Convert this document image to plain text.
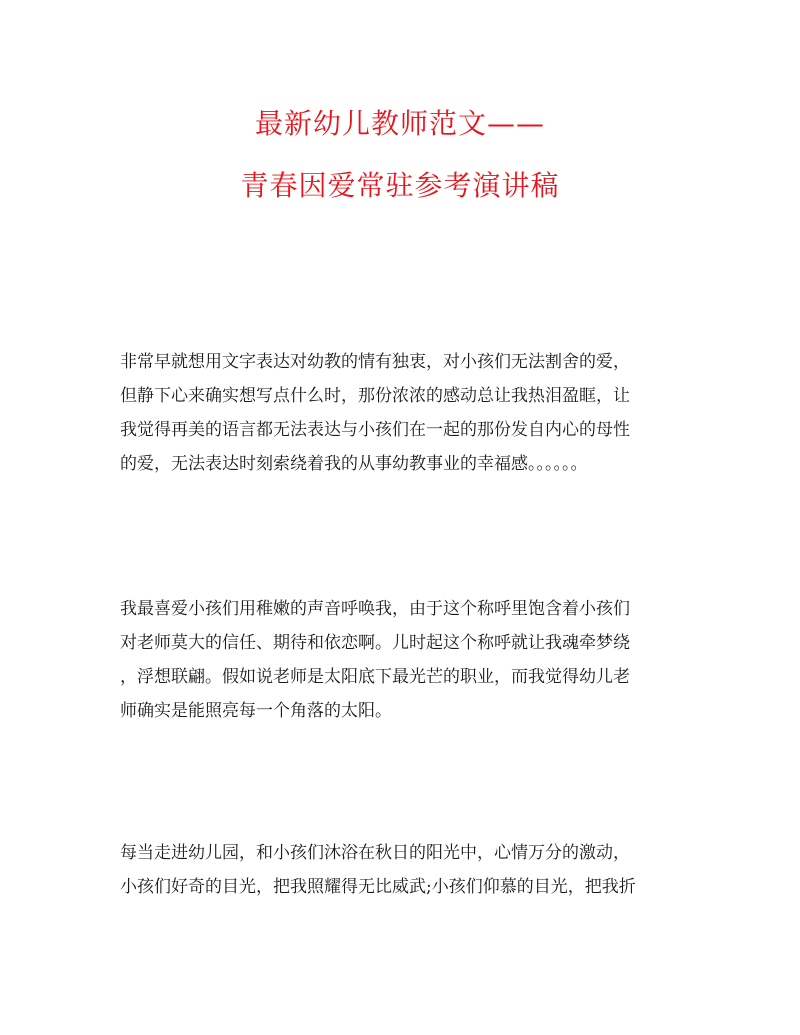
最新幼儿教师范文——
青春因爱常驻参考演讲稿
非常早就想用文字表达对幼教的情有独衷，对小孩们无法割舍的爱，
但静下心来确实想写点什么时，那份浓浓的感动总让我热泪盈眶，让
我觉得再美的语言都无法表达与小孩们在一起的那份发自内心的母性
的爱，无法表达时刻索绕着我的从事幼教事业的幸福感。。。。。。
我最喜爱小孩们用稚嫩的声音呼唤我，由于这个称呼里饱含着小孩们
对老师莫大的信任、期待和依恋啊。儿时起这个称呼就让我魂牵梦绕
，浮想联翩。假如说老师是太阳底下最光芒的职业，而我觉得幼儿老
师确实是能照亮每一个角落的太阳。
每当走进幼儿园，和小孩们沐浴在秋日的阳光中，心情万分的激动，
小孩们好奇的目光，把我照耀得无比威武;小孩们仰慕的目光，把我折
